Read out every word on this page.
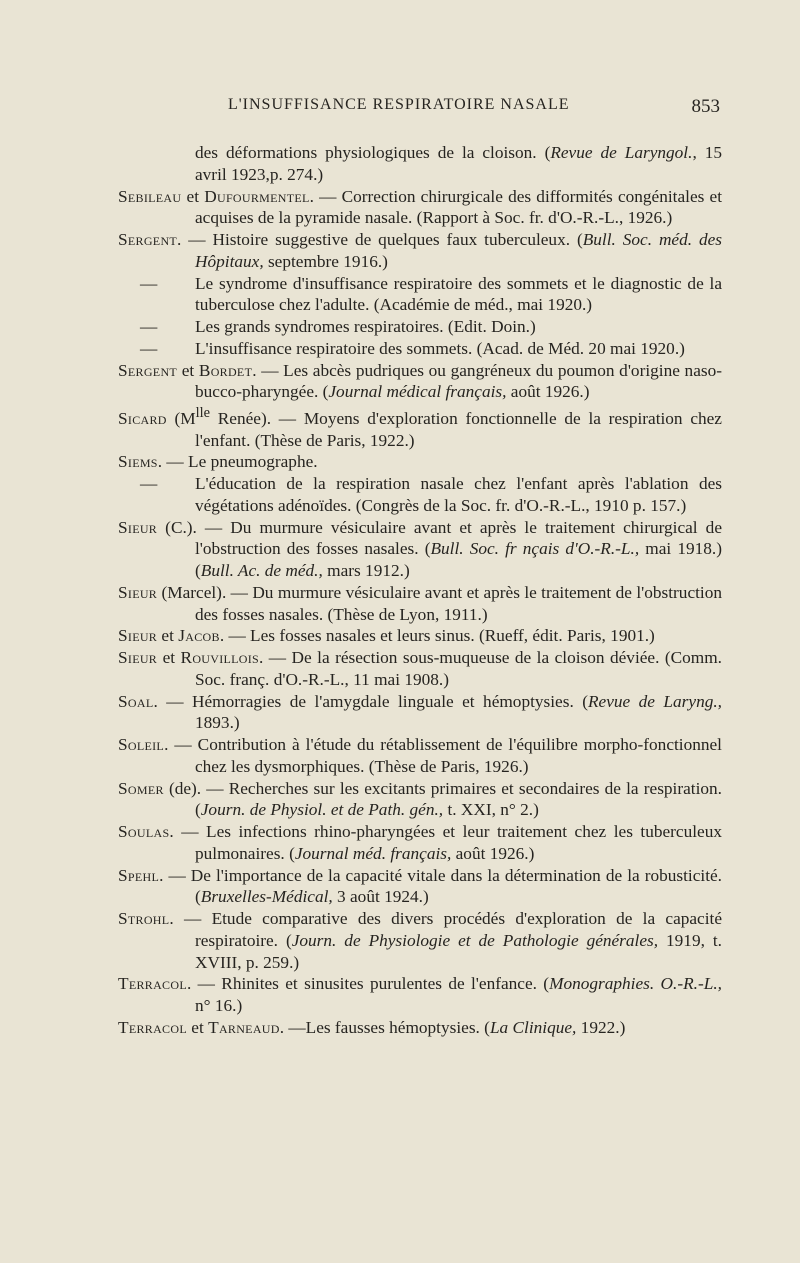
L'INSUFFISANCE RESPIRATOIRE NASALE	853

des déformations physiologiques de la cloison. (Revue de Laryngol., 15 avril 1923,p. 274.)

Sebileau et Dufourmentel. — Correction chirurgicale des difformités congénitales et acquises de la pyramide nasale. (Rapport à Soc. fr. d'O.-R.-L., 1926.)

Sergent. — Histoire suggestive de quelques faux tuberculeux. (Bull. Soc. méd. des Hôpitaux, septembre 1916.)

— Le syndrome d'insuffisance respiratoire des sommets et le diagnostic de la tuberculose chez l'adulte. (Académie de méd., mai 1920.)

— Les grands syndromes respiratoires. (Edit. Doin.)

— L'insuffisance respiratoire des sommets. (Acad. de Méd. 20 mai 1920.)

Sergent et Bordet. — Les abcès pudriques ou gangréneux du poumon d'origine naso-bucco-pharyngée. (Journal médical français, août 1926.)

Sicard ($M^{lle}$ Renée). — Moyens d'exploration fonctionnelle de la respiration chez l'enfant. (Thèse de Paris, 1922.)

Siems. — Le pneumographe.

— L'éducation de la respiration nasale chez l'enfant après l'ablation des végétations adénoïdes. (Congrès de la Soc. fr. d'O.-R.-L., 1910 p. 157.)

Sieur (C.). — Du murmure vésiculaire avant et après le traitement chirurgical de l'obstruction des fosses nasales. (Bull. Soc. fr nçais d'O.-R.-L., mai 1918.) (Bull. Ac. de méd., mars 1912.)

Sieur (Marcel). — Du murmure vésiculaire avant et après le traitement de l'obstruction des fosses nasales. (Thèse de Lyon, 1911.)

Sieur et Jacob. — Les fosses nasales et leurs sinus. (Rueff, édit. Paris, 1901.)

Sieur et Rouvillois. — De la résection sous-muqueuse de la cloison déviée. (Comm. Soc. franç. d'O.-R.-L., 11 mai 1908.)

Soal. — Hémorragies de l'amygdale linguale et hémoptysies. (Revue de Laryng., 1893.)

Soleil. — Contribution à l'étude du rétablissement de l'équilibre morpho-fonctionnel chez les dysmorphiques. (Thèse de Paris, 1926.)

Somer (de). — Recherches sur les excitants primaires et secondaires de la respiration. (Journ. de Physiol. et de Path. gén., t. XXI, n° 2.)

Soulas. — Les infections rhino-pharyngées et leur traitement chez les tuberculeux pulmonaires. (Journal méd. français, août 1926.)

Spehl. — De l'importance de la capacité vitale dans la détermination de la robusticité. (Bruxelles-Médical, 3 août 1924.)

Strohl. — Etude comparative des divers procédés d'exploration de la capacité respiratoire. (Journ. de Physiologie et de Pathologie générales, 1919, t. XVIII, p. 259.)

Terracol. — Rhinites et sinusites purulentes de l'enfance. (Monographies. O.-R.-L., n° 16.)

Terracol et Tarneaud. —Les fausses hémoptysies. (La Clinique, 1922.)
